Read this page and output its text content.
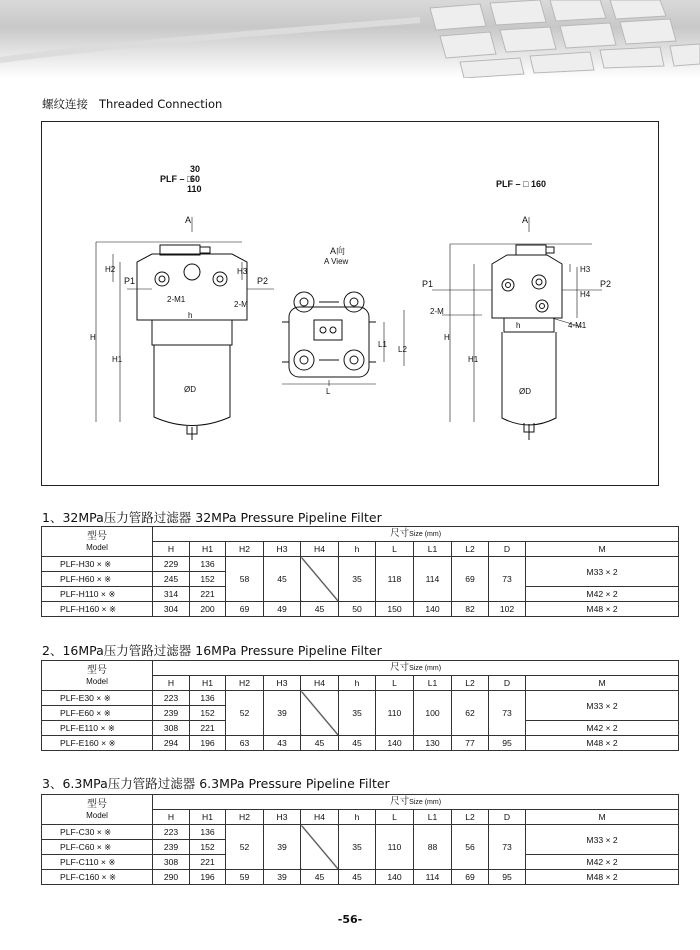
螺纹连接 Threaded Connection
PLF – □
30
60
110	PLF – □ 160
A	A
A向
A View
P1	P2
H
H1
H2	H3
2-M1
2-M
h
ØD	L
L1
L2
P1	P2
H
H1
H3
H4
2-M
4-M1
h
ØD
1、32MPa压力管路过滤器 32MPa Pressure Pipeline Filter
型号
Model	尺寸Size (mm)											
	H	H1	H2	H3	H4	h	L	L1	L2	D	M	
PLF-H30 × ※	229	136	58	45		35	118	114	69	73	M33 × 2	
PLF-H60 × ※	245	152										
PLF-H110 × ※	314	221									M42 × 2	
PLF-H160 × ※	304	200	69	49	45	50	150	140	82	102	M48 × 2	
2、16MPa压力管路过滤器 16MPa Pressure Pipeline Filter
型号
Model	尺寸Size (mm)											
	H	H1	H2	H3	H4	h	L	L1	L2	D	M	
PLF-E30 × ※	223	136	52	39		35	110	100	62	73	M33 × 2	
PLF-E60 × ※	239	152										
PLF-E110 × ※	308	221									M42 × 2	
PLF-E160 × ※	294	196	63	43	45	45	140	130	77	95	M48 × 2	
3、6.3MPa压力管路过滤器 6.3MPa Pressure Pipeline Filter
型号
Model	尺寸Size (mm)											
	H	H1	H2	H3	H4	h	L	L1	L2	D	M	
PLF-C30 × ※	223	136	52	39		35	110	88	56	73	M33 × 2	
PLF-C60 × ※	239	152										
PLF-C110 × ※	308	221									M42 × 2	
PLF-C160 × ※	290	196	59	39	45	45	140	114	69	95	M48 × 2	
-56-
